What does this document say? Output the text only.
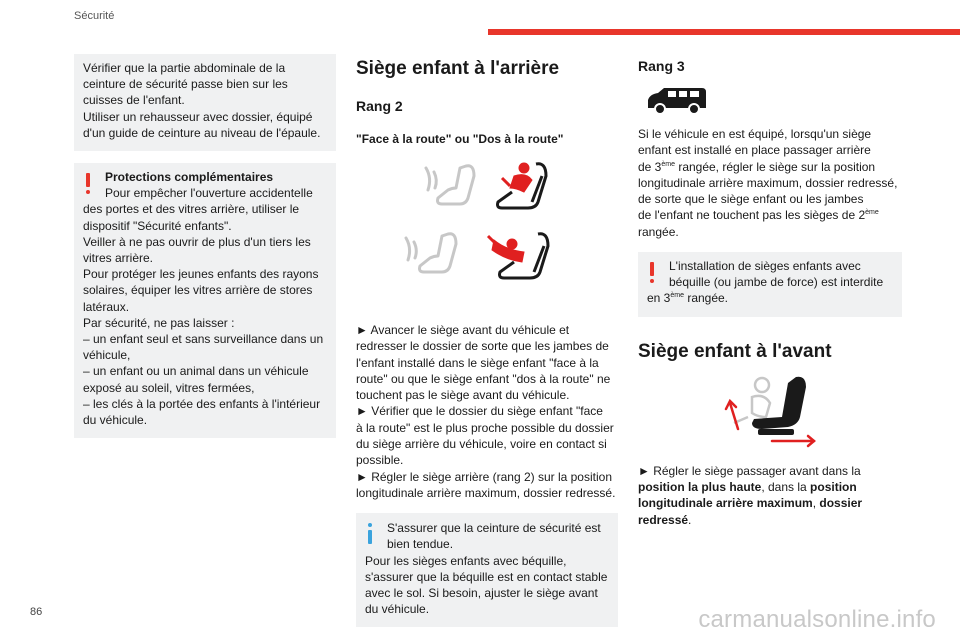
Sécurité

Vérifier que la partie abdominale de la

ceinture de sécurité passe bien sur les

cuisses de l'enfant.

Utiliser un rehausseur avec dossier, équipé

d'un guide de ceinture au niveau de l'épaule.

Protections complémentaires

Pour empêcher l'ouverture accidentelle

des portes et des vitres arrière, utiliser le

dispositif "Sécurité enfants".

Veiller à ne pas ouvrir de plus d'un tiers les

vitres arrière.

Pour protéger les jeunes enfants des rayons

solaires, équiper les vitres arrière de stores

latéraux.

Par sécurité, ne pas laisser :

– un enfant seul et sans surveillance dans un

véhicule,

– un enfant ou un animal dans un véhicule

exposé au soleil, vitres fermées,

– les clés à la portée des enfants à l'intérieur

du véhicule.

Siège enfant à l'arrière
Rang 2

"Face à la route" ou "Dos à la route"

► Avancer le siège avant du véhicule et

redresser le dossier de sorte que les jambes de

l'enfant installé dans le siège enfant "face à la

route" ou que le siège enfant "dos à la route" ne

touchent pas le siège avant du véhicule.

► Vérifier que le dossier du siège enfant "face

à la route" est le plus proche possible du dossier

du siège arrière du véhicule, voire en contact si

possible.

► Régler le siège arrière (rang 2) sur la position

longitudinale arrière maximum, dossier redressé.

S'assurer que la ceinture de sécurité est

bien tendue.

Pour les sièges enfants avec béquille,

s'assurer que la béquille est en contact stable

avec le sol. Si besoin, ajuster le siège avant

du véhicule.

Rang 3

Si le véhicule en est équipé, lorsqu'un siège

enfant est installé en place passager arrière

de 3ème rangée, régler le siège sur la position

longitudinale arrière maximum, dossier redressé,

de sorte que le siège enfant ou les jambes

de l'enfant ne touchent pas les sièges de 2ème

rangée.

L'installation de sièges enfants avec

béquille (ou jambe de force) est interdite

en 3ème rangée.

Siège enfant à l'avant

► Régler le siège passager avant dans la

position la plus haute, dans la position

longitudinale arrière maximum, dossier

redressé.

86	carmanualsonline.info
